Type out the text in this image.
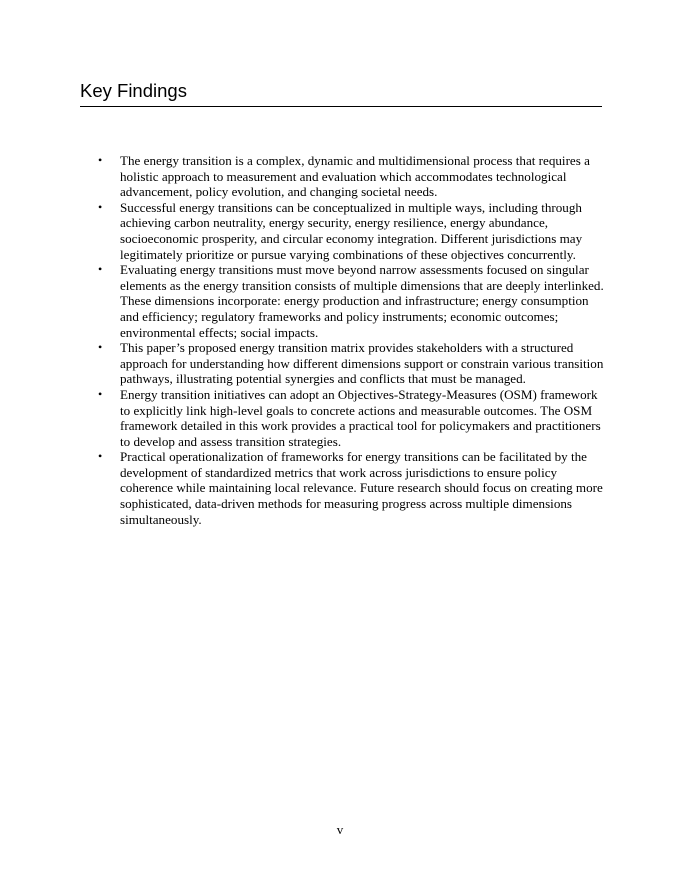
Key Findings
• The energy transition is a complex, dynamic and multidimensional process that requires a holistic approach to measurement and evaluation which accommodates technological advancement, policy evolution, and changing societal needs.
• Successful energy transitions can be conceptualized in multiple ways, including through achieving carbon neutrality, energy security, energy resilience, energy abundance, socioeconomic prosperity, and circular economy integration. Different jurisdictions may legitimately prioritize or pursue varying combinations of these objectives concurrently.
• Evaluating energy transitions must move beyond narrow assessments focused on singular elements as the energy transition consists of multiple dimensions that are deeply interlinked. These dimensions incorporate: energy production and infrastructure; energy consumption and efficiency; regulatory frameworks and policy instruments; economic outcomes; environmental effects; social impacts.
• This paper’s proposed energy transition matrix provides stakeholders with a structured approach for understanding how different dimensions support or constrain various transition pathways, illustrating potential synergies and conflicts that must be managed.
• Energy transition initiatives can adopt an Objectives-Strategy-Measures (OSM) framework to explicitly link high-level goals to concrete actions and measurable outcomes. The OSM framework detailed in this work provides a practical tool for policymakers and practitioners to develop and assess transition strategies.
• Practical operationalization of frameworks for energy transitions can be facilitated by the development of standardized metrics that work across jurisdictions to ensure policy coherence while maintaining local relevance. Future research should focus on creating more sophisticated, data-driven methods for measuring progress across multiple dimensions simultaneously.
v
